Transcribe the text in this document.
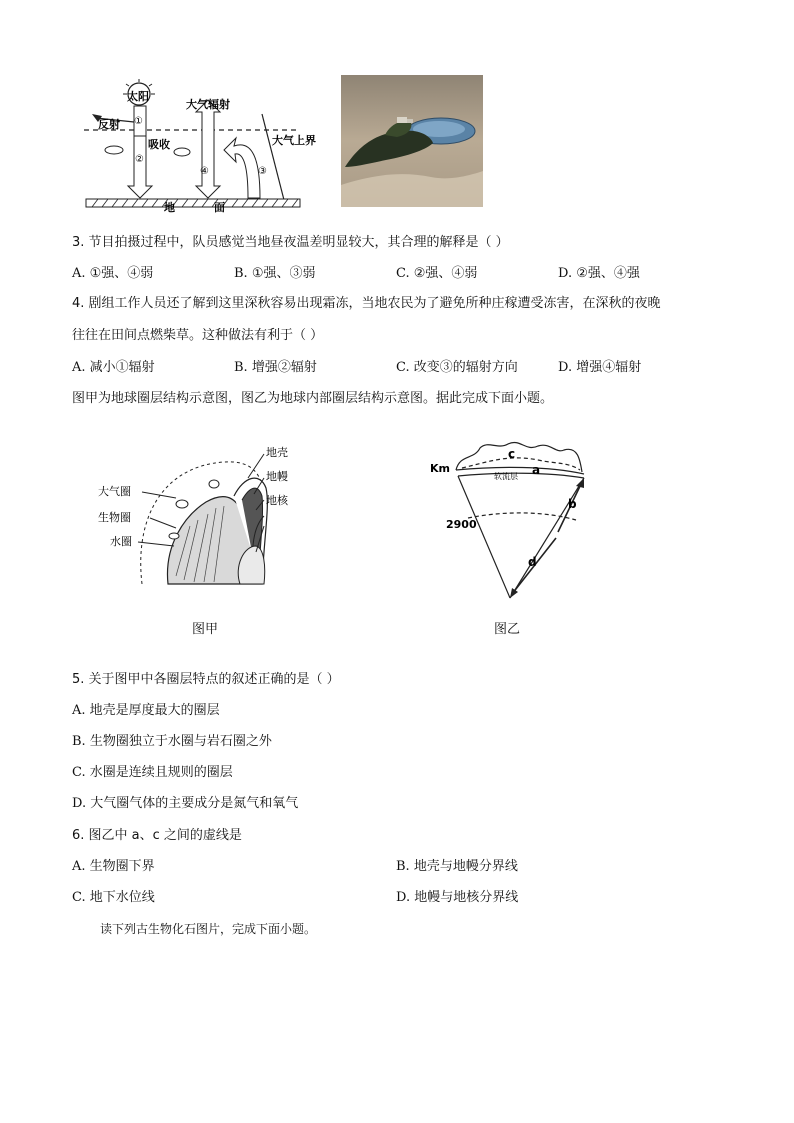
太阳
①
②
反射
吸收
④
大气辐射
③
大气上界
地	面
3. 节目拍摄过程中，队员感觉当地昼夜温差明显较大，其合理的解释是（ ）
A. ①强、④弱	B. ①强、③弱	C. ②强、④弱	D. ②强、④强
4. 剧组工作人员还了解到这里深秋容易出现霜冻，当地农民为了避免所种庄稼遭受冻害，在深秋的夜晚
往往在田间点燃柴草。这种做法有利于（ ）
A. 减小①辐射	B. 增强②辐射	C. 改变③的辐射方向	D. 增强④辐射
图甲为地球圈层结构示意图，图乙为地球内部圈层结构示意图。据此完成下面小题。
地壳
地幔
地核
大气圈
生物圈
水圈
图甲
Km
2900
c
a
b
d
软流层
图乙
5. 关于图甲中各圈层特点的叙述正确的是（ ）
A. 地壳是厚度最大的圈层
B. 生物圈独立于水圈与岩石圈之外
C. 水圈是连续且规则的圈层
D. 大气圈气体的主要成分是氮气和氧气
6. 图乙中 a、c 之间的虚线是
A. 生物圈下界	B. 地壳与地幔分界线
C. 地下水位线	D. 地幔与地核分界线
读下列古生物化石图片，完成下面小题。
